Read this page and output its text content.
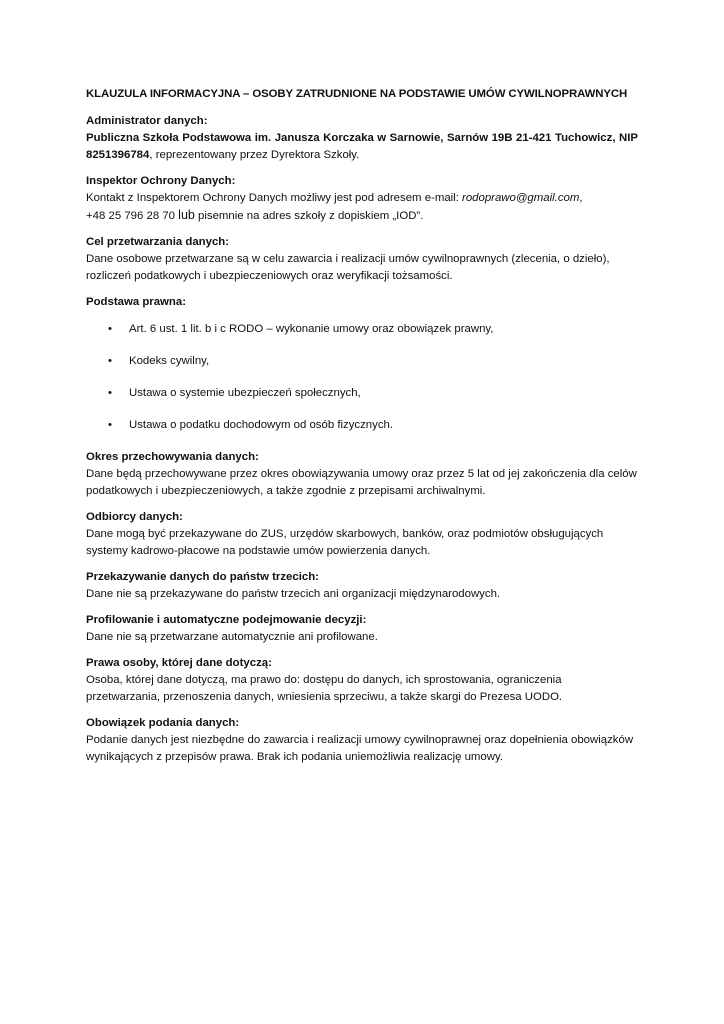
KLAUZULA INFORMACYJNA – OSOBY ZATRUDNIONE NA PODSTAWIE UMÓW CYWILNOPRAWNYCH
Administrator danych:
Publiczna Szkoła Podstawowa im. Janusza Korczaka w Sarnowie, Sarnów 19B 21-421 Tuchowicz, NIP 8251396784, reprezentowany przez Dyrektora Szkoły.
Inspektor Ochrony Danych:
Kontakt z Inspektorem Ochrony Danych możliwy jest pod adresem e-mail: rodoprawo@gmail.com,
+48 25 796 28 70 lub pisemnie na adres szkoły z dopiskiem „IOD”.
Cel przetwarzania danych:
Dane osobowe przetwarzane są w celu zawarcia i realizacji umów cywilnoprawnych (zlecenia, o dzieło), rozliczeń podatkowych i ubezpieczeniowych oraz weryfikacji tożsamości.
Podstawa prawna:
• Art. 6 ust. 1 lit. b i c RODO – wykonanie umowy oraz obowiązek prawny,
• Kodeks cywilny,
• Ustawa o systemie ubezpieczeń społecznych,
• Ustawa o podatku dochodowym od osób fizycznych.
Okres przechowywania danych:
Dane będą przechowywane przez okres obowiązywania umowy oraz przez 5 lat od jej zakończenia dla celów podatkowych i ubezpieczeniowych, a także zgodnie z przepisami archiwalnymi.
Odbiorcy danych:
Dane mogą być przekazywane do ZUS, urzędów skarbowych, banków, oraz podmiotów obsługujących systemy kadrowo-płacowe na podstawie umów powierzenia danych.
Przekazywanie danych do państw trzecich:
Dane nie są przekazywane do państw trzecich ani organizacji międzynarodowych.
Profilowanie i automatyczne podejmowanie decyzji:
Dane nie są przetwarzane automatycznie ani profilowane.
Prawa osoby, której dane dotyczą:
Osoba, której dane dotyczą, ma prawo do: dostępu do danych, ich sprostowania, ograniczenia przetwarzania, przenoszenia danych, wniesienia sprzeciwu, a także skargi do Prezesa UODO.
Obowiązek podania danych:
Podanie danych jest niezbędne do zawarcia i realizacji umowy cywilnoprawnej oraz dopełnienia obowiązków wynikających z przepisów prawa. Brak ich podania uniemożliwia realizację umowy.
